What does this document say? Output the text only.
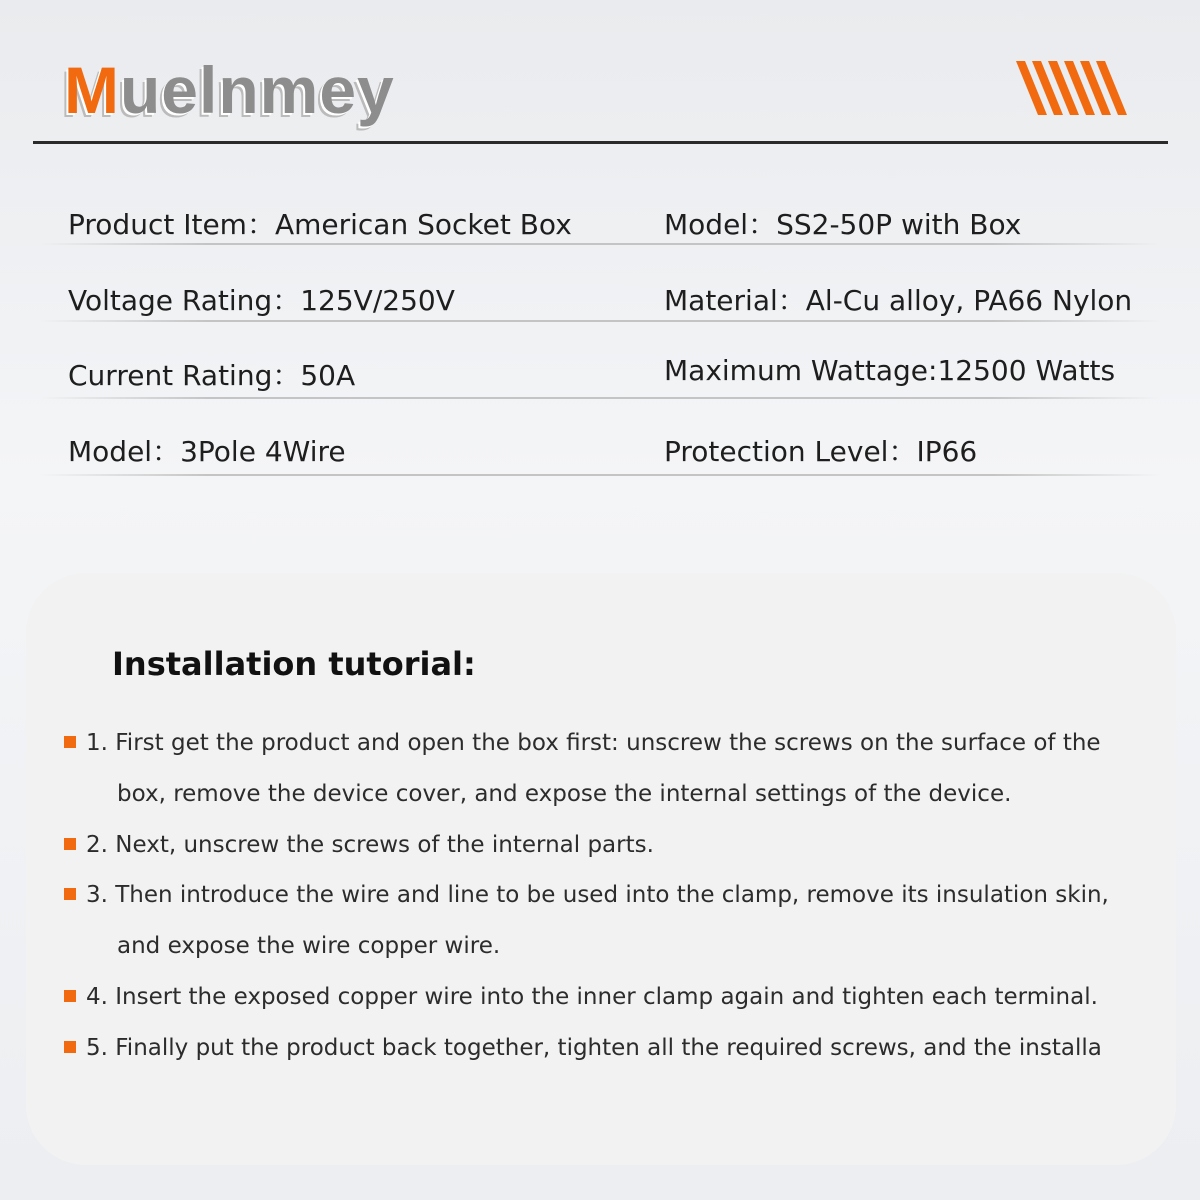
Muelnmey
Product Item：American Socket Box	Model：SS2-50P with Box
Voltage Rating：125V/250V	Material：Al-Cu alloy, PA66 Nylon
Current Rating：50A	Maximum Wattage:12500 Watts
Model：3Pole 4Wire	Protection Level：IP66
Installation tutorial:
1. First get the product and open the box first: unscrew the screws on the surface of the
box, remove the device cover, and expose the internal settings of the device.
2. Next, unscrew the screws of the internal parts.
3. Then introduce the wire and line to be used into the clamp, remove its insulation skin,
and expose the wire copper wire.
4. Insert the exposed copper wire into the inner clamp again and tighten each terminal.
5. Finally put the product back together, tighten all the required screws, and the installa
